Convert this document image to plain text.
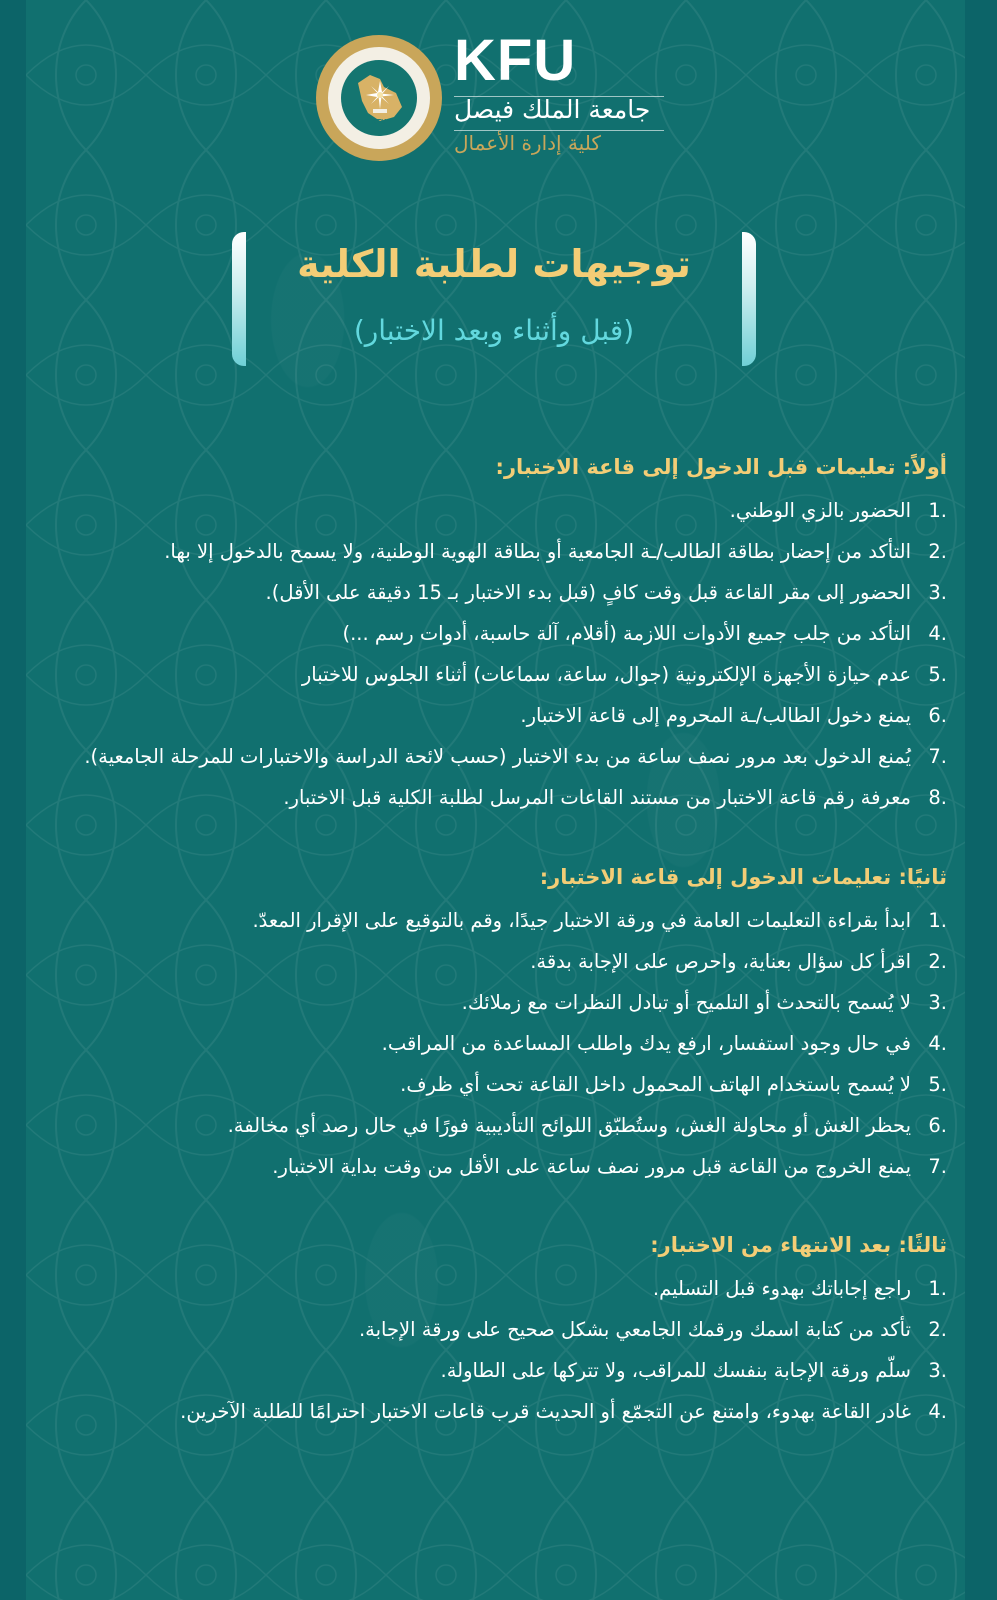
KFU
KFU
جامعة الملك فيصل
كلية إدارة الأعمال
توجيهات لطلبة الكلية
(قبل وأثناء وبعد الاختبار)
أولاً: تعليمات قبل الدخول إلى قاعة الاختبار:
1.
الحضور بالزي الوطني.
2.
التأكد من إحضار بطاقة الطالب/ـة الجامعية أو بطاقة الهوية الوطنية، ولا يسمح بالدخول إلا بها.
3.
الحضور إلى مقر القاعة قبل وقت كافٍ (قبل بدء الاختبار بـ 15 دقيقة على الأقل).
4.
التأكد من جلب جميع الأدوات اللازمة (أقلام، آلة حاسبة، أدوات رسم ...)
5.
عدم حيازة الأجهزة الإلكترونية (جوال، ساعة، سماعات) أثناء الجلوس للاختبار
6.
يمنع دخول الطالب/ـة المحروم إلى قاعة الاختبار.
7.
يُمنع الدخول بعد مرور نصف ساعة من بدء الاختبار (حسب لائحة الدراسة والاختبارات للمرحلة الجامعية).
8.
معرفة رقم قاعة الاختبار من مستند القاعات المرسل لطلبة الكلية قبل الاختبار.
ثانيًا: تعليمات الدخول إلى قاعة الاختبار:
1.
ابدأ بقراءة التعليمات العامة في ورقة الاختبار جيدًا، وقم بالتوقيع على الإقرار المعدّ.
2.
اقرأ كل سؤال بعناية، واحرص على الإجابة بدقة.
3.
لا يُسمح بالتحدث أو التلميح أو تبادل النظرات مع زملائك.
4.
في حال وجود استفسار، ارفع يدك واطلب المساعدة من المراقب.
5.
لا يُسمح باستخدام الهاتف المحمول داخل القاعة تحت أي ظرف.
6.
يحظر الغش أو محاولة الغش، وستُطبّق اللوائح التأديبية فورًا في حال رصد أي مخالفة.
7.
يمنع الخروج من القاعة قبل مرور نصف ساعة على الأقل من وقت بداية الاختبار.
ثالثًا: بعد الانتهاء من الاختبار:
1.
راجع إجاباتك بهدوء قبل التسليم.
2.
تأكد من كتابة اسمك ورقمك الجامعي بشكل صحيح على ورقة الإجابة.
3.
سلّم ورقة الإجابة بنفسك للمراقب، ولا تتركها على الطاولة.
4.
غادر القاعة بهدوء، وامتنع عن التجمّع أو الحديث قرب قاعات الاختبار احترامًا للطلبة الآخرين.
